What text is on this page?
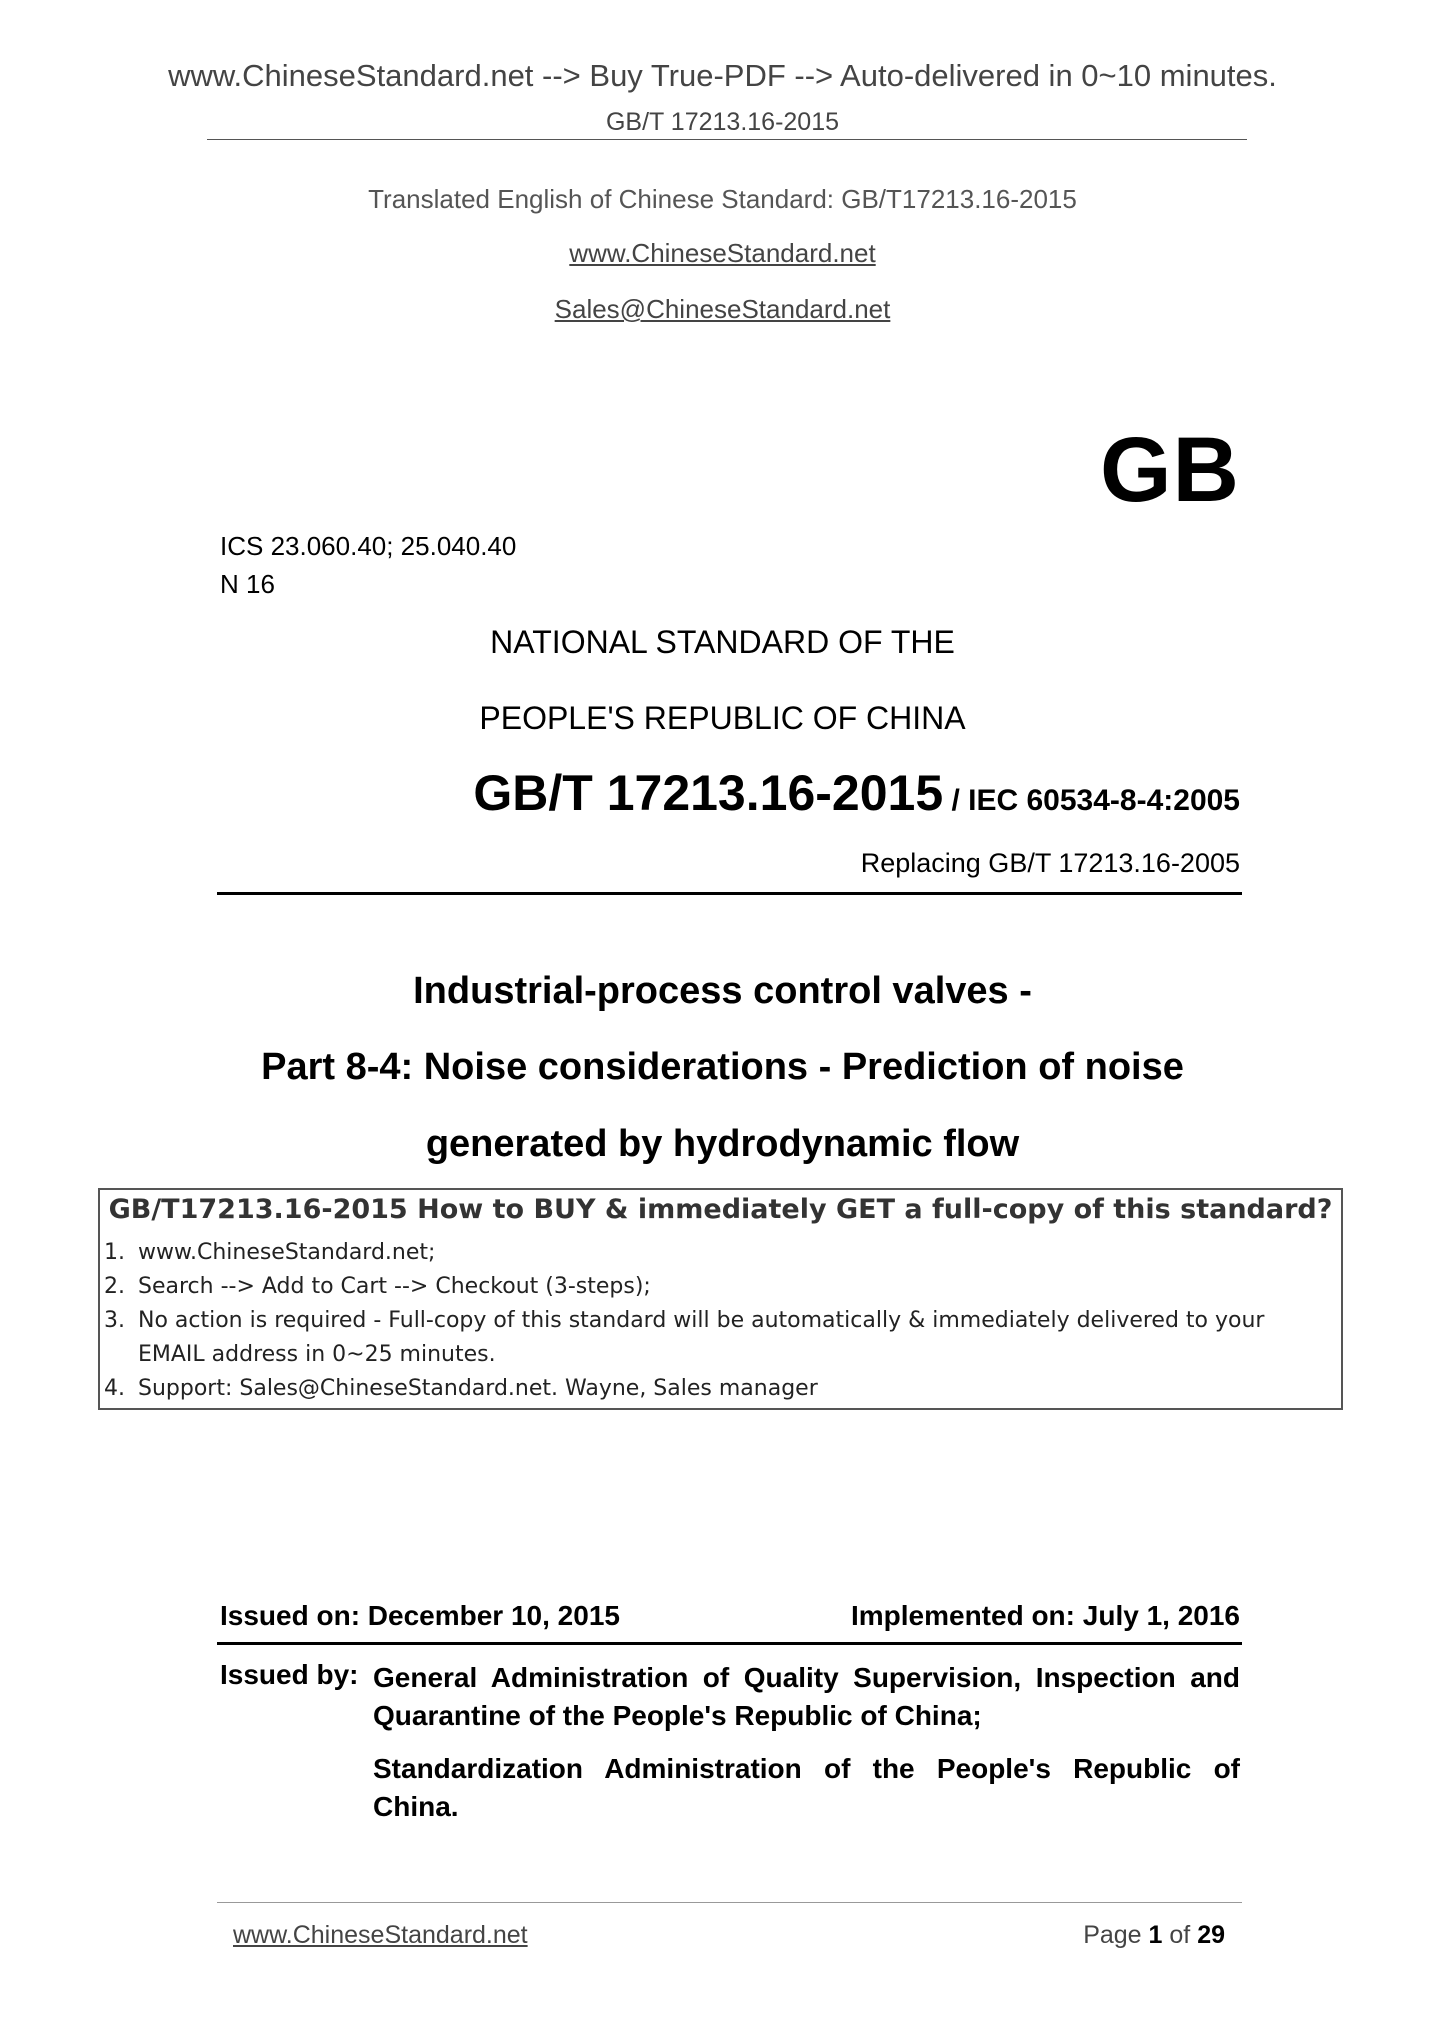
www.ChineseStandard.net --> Buy True-PDF --> Auto-delivered in 0~10 minutes.
GB/T 17213.16-2015
Translated English of Chinese Standard: GB/T17213.16-2015
www.ChineseStandard.net
Sales@ChineseStandard.net
GB
ICS 23.060.40; 25.040.40
N 16
NATIONAL STANDARD OF THE
PEOPLE'S REPUBLIC OF CHINA
GB/T 17213.16-2015 / IEC 60534-8-4:2005
Replacing GB/T 17213.16-2005
Industrial-process control valves -
Part 8-4: Noise considerations - Prediction of noise
generated by hydrodynamic flow
GB/T17213.16-2015 How to BUY & immediately GET a full-copy of this standard?
1. www.ChineseStandard.net;
2. Search --> Add to Cart --> Checkout (3-steps);
3. No action is required - Full-copy of this standard will be automatically & immediately delivered to your EMAIL address in 0~25 minutes.
4. Support: Sales@ChineseStandard.net. Wayne, Sales manager
Issued on: December 10, 2015	Implemented on: July 1, 2016
Issued by: General Administration of Quality Supervision, Inspection and Quarantine of the People's Republic of China;
Standardization Administration of the People's Republic of China.
www.ChineseStandard.net	Page 1 of 29
